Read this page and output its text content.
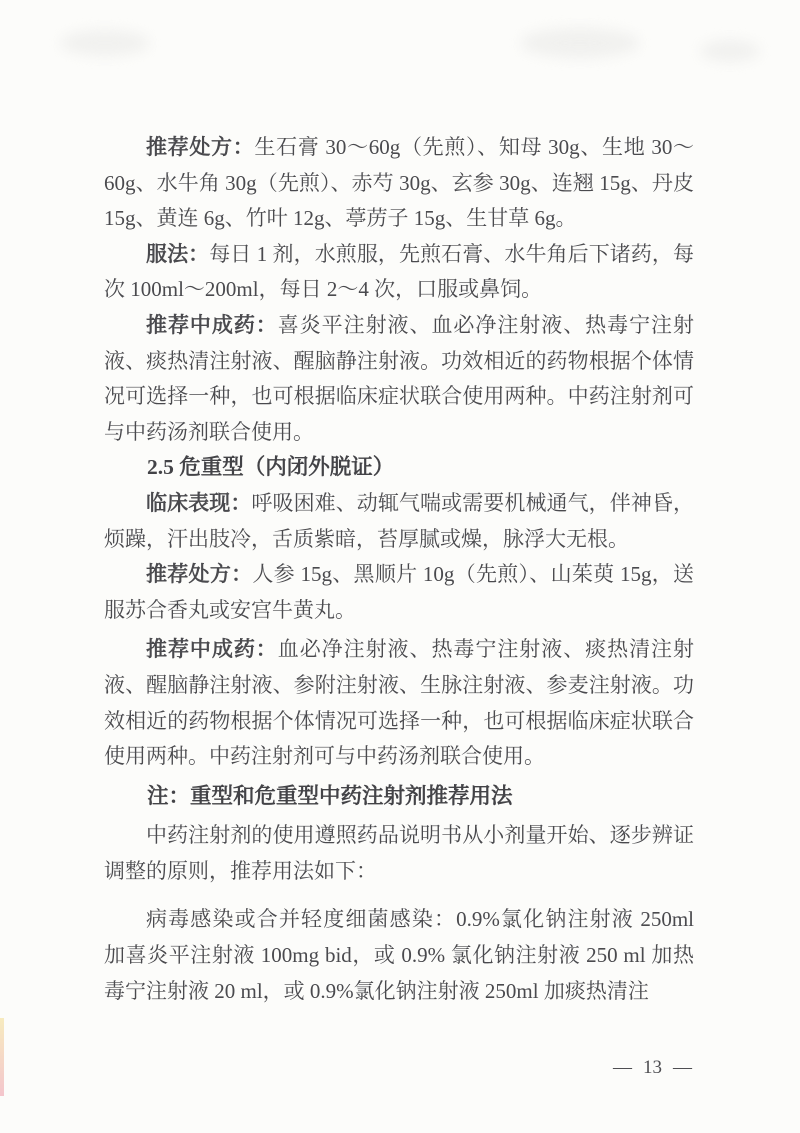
推荐处方：生石膏 30～60g（先煎）、知母 30g、生地 30～60g、水牛角 30g（先煎）、赤芍 30g、玄参 30g、连翘 15g、丹皮 15g、黄连 6g、竹叶 12g、葶苈子 15g、生甘草 6g。

服法：每日 1 剂，水煎服，先煎石膏、水牛角后下诸药，每次 100ml～200ml，每日 2～4 次，口服或鼻饲。

推荐中成药：喜炎平注射液、血必净注射液、热毒宁注射液、痰热清注射液、醒脑静注射液。功效相近的药物根据个体情况可选择一种，也可根据临床症状联合使用两种。中药注射剂可与中药汤剂联合使用。

2.5 危重型（内闭外脱证）

临床表现：呼吸困难、动辄气喘或需要机械通气，伴神昏，烦躁，汗出肢冷，舌质紫暗，苔厚腻或燥，脉浮大无根。

推荐处方：人参 15g、黑顺片 10g（先煎）、山茱萸 15g，送服苏合香丸或安宫牛黄丸。

推荐中成药：血必净注射液、热毒宁注射液、痰热清注射液、醒脑静注射液、参附注射液、生脉注射液、参麦注射液。功效相近的药物根据个体情况可选择一种，也可根据临床症状联合使用两种。中药注射剂可与中药汤剂联合使用。

注：重型和危重型中药注射剂推荐用法

中药注射剂的使用遵照药品说明书从小剂量开始、逐步辨证调整的原则，推荐用法如下：

病毒感染或合并轻度细菌感染：0.9%氯化钠注射液 250ml 加喜炎平注射液 100mg bid，或 0.9% 氯化钠注射液 250 ml 加热毒宁注射液 20 ml，或 0.9%氯化钠注射液 250ml 加痰热清注

— 13 —
